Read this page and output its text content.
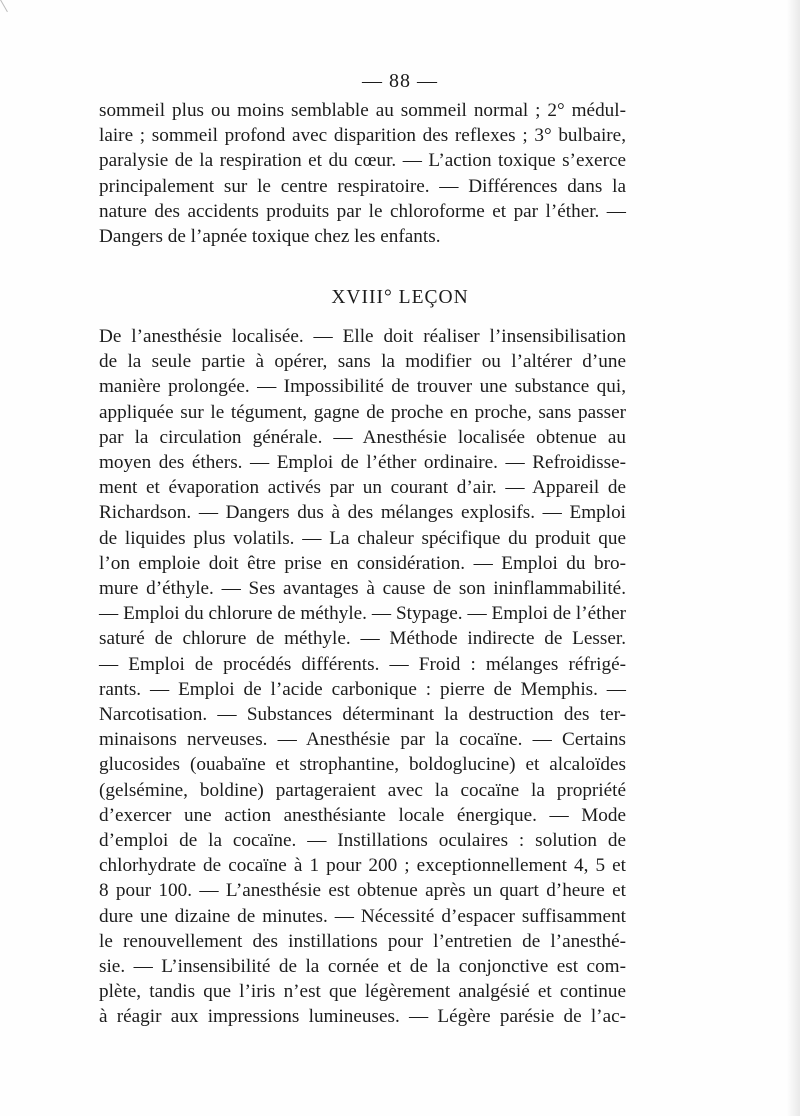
— 88 —
sommeil plus ou moins semblable au sommeil normal ; 2° médul-
laire ; sommeil profond avec disparition des reflexes ; 3° bulbaire,
paralysie de la respiration et du cœur. — L’action toxique s’exerce
principalement sur le centre respiratoire. — Différences dans la
nature des accidents produits par le chloroforme et par l’éther. —
Dangers de l’apnée toxique chez les enfants.
XVIII° LEÇON
De l’anesthésie localisée. — Elle doit réaliser l’insensibilisation
de la seule partie à opérer, sans la modifier ou l’altérer d’une
manière prolongée. — Impossibilité de trouver une substance qui,
appliquée sur le tégument, gagne de proche en proche, sans passer
par la circulation générale. — Anesthésie localisée obtenue au
moyen des éthers. — Emploi de l’éther ordinaire. — Refroidisse-
ment et évaporation activés par un courant d’air. — Appareil de
Richardson. — Dangers dus à des mélanges explosifs. — Emploi
de liquides plus volatils. — La chaleur spécifique du produit que
l’on emploie doit être prise en considération. — Emploi du bro-
mure d’éthyle. — Ses avantages à cause de son ininflammabilité.
— Emploi du chlorure de méthyle. — Stypage. — Emploi de l’éther
saturé de chlorure de méthyle. — Méthode indirecte de Lesser.
— Emploi de procédés différents. — Froid : mélanges réfrigé-
rants. — Emploi de l’acide carbonique : pierre de Memphis. —
Narcotisation. — Substances déterminant la destruction des ter-
minaisons nerveuses. — Anesthésie par la cocaïne. — Certains
glucosides (ouabaïne et strophantine, boldoglucine) et alcaloïdes
(gelsémine, boldine) partageraient avec la cocaïne la propriété
d’exercer une action anesthésiante locale énergique. — Mode
d’emploi de la cocaïne. — Instillations oculaires : solution de
chlorhydrate de cocaïne à 1 pour 200 ; exceptionnellement 4, 5 et
8 pour 100. — L’anesthésie est obtenue après un quart d’heure et
dure une dizaine de minutes. — Nécessité d’espacer suffisamment
le renouvellement des instillations pour l’entretien de l’anesthé-
sie. — L’insensibilité de la cornée et de la conjonctive est com-
plète, tandis que l’iris n’est que légèrement analgésié et continue
à réagir aux impressions lumineuses. — Légère parésie de l’ac-
